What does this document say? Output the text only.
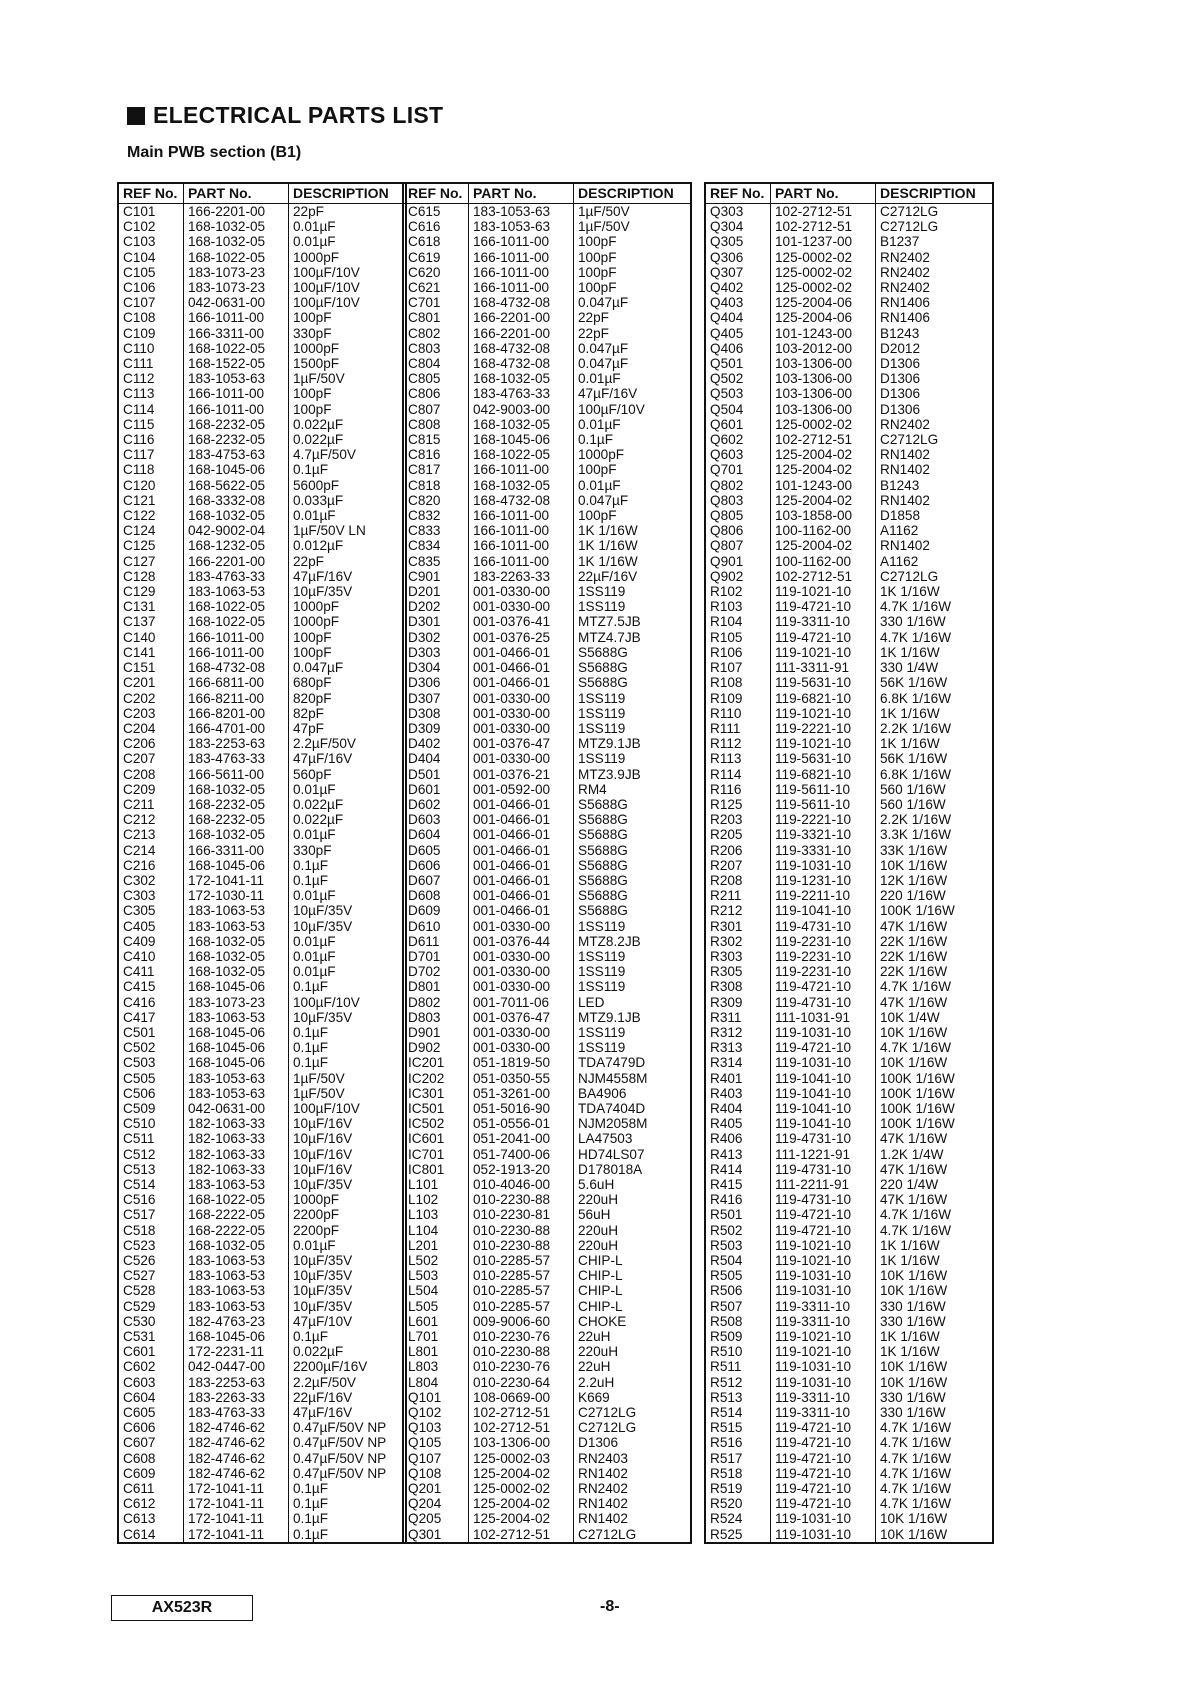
ELECTRICAL PARTS LIST
Main PWB section (B1)
REF No.	PART No.	DESCRIPTION
C101	166-2201-00	22pF
C102	168-1032-05	0.01µF
C103	168-1032-05	0.01µF
C104	168-1022-05	1000pF
C105	183-1073-23	100µF/10V
C106	183-1073-23	100µF/10V
C107	042-0631-00	100µF/10V
C108	166-1011-00	100pF
C109	166-3311-00	330pF
C110	168-1022-05	1000pF
C111	168-1522-05	1500pF
C112	183-1053-63	1µF/50V
C113	166-1011-00	100pF
C114	166-1011-00	100pF
C115	168-2232-05	0.022µF
C116	168-2232-05	0.022µF
C117	183-4753-63	4.7µF/50V
C118	168-1045-06	0.1µF
C120	168-5622-05	5600pF
C121	168-3332-08	0.033µF
C122	168-1032-05	0.01µF
C124	042-9002-04	1µF/50V LN
C125	168-1232-05	0.012µF
C127	166-2201-00	22pF
C128	183-4763-33	47µF/16V
C129	183-1063-53	10µF/35V
C131	168-1022-05	1000pF
C137	168-1022-05	1000pF
C140	166-1011-00	100pF
C141	166-1011-00	100pF
C151	168-4732-08	0.047µF
C201	166-6811-00	680pF
C202	166-8211-00	820pF
C203	166-8201-00	82pF
C204	166-4701-00	47pF
C206	183-2253-63	2.2µF/50V
C207	183-4763-33	47µF/16V
C208	166-5611-00	560pF
C209	168-1032-05	0.01µF
C211	168-2232-05	0.022µF
C212	168-2232-05	0.022µF
C213	168-1032-05	0.01µF
C214	166-3311-00	330pF
C216	168-1045-06	0.1µF
C302	172-1041-11	0.1µF
C303	172-1030-11	0.01µF
C305	183-1063-53	10µF/35V
C405	183-1063-53	10µF/35V
C409	168-1032-05	0.01µF
C410	168-1032-05	0.01µF
C411	168-1032-05	0.01µF
C415	168-1045-06	0.1µF
C416	183-1073-23	100µF/10V
C417	183-1063-53	10µF/35V
C501	168-1045-06	0.1µF
C502	168-1045-06	0.1µF
C503	168-1045-06	0.1µF
C505	183-1053-63	1µF/50V
C506	183-1053-63	1µF/50V
C509	042-0631-00	100µF/10V
C510	182-1063-33	10µF/16V
C511	182-1063-33	10µF/16V
C512	182-1063-33	10µF/16V
C513	182-1063-33	10µF/16V
C514	183-1063-53	10µF/35V
C516	168-1022-05	1000pF
C517	168-2222-05	2200pF
C518	168-2222-05	2200pF
C523	168-1032-05	0.01µF
C526	183-1063-53	10µF/35V
C527	183-1063-53	10µF/35V
C528	183-1063-53	10µF/35V
C529	183-1063-53	10µF/35V
C530	182-4763-23	47µF/10V
C531	168-1045-06	0.1µF
C601	172-2231-11	0.022µF
C602	042-0447-00	2200µF/16V
C603	183-2253-63	2.2µF/50V
C604	183-2263-33	22µF/16V
C605	183-4763-33	47µF/16V
C606	182-4746-62	0.47µF/50V NP
C607	182-4746-62	0.47µF/50V NP
C608	182-4746-62	0.47µF/50V NP
C609	182-4746-62	0.47µF/50V NP
C611	172-1041-11	0.1µF
C612	172-1041-11	0.1µF
C613	172-1041-11	0.1µF
C614	172-1041-11	0.1µF
REF No.	PART No.	DESCRIPTION
C615	183-1053-63	1µF/50V
C616	183-1053-63	1µF/50V
C618	166-1011-00	100pF
C619	166-1011-00	100pF
C620	166-1011-00	100pF
C621	166-1011-00	100pF
C701	168-4732-08	0.047µF
C801	166-2201-00	22pF
C802	166-2201-00	22pF
C803	168-4732-08	0.047µF
C804	168-4732-08	0.047µF
C805	168-1032-05	0.01µF
C806	183-4763-33	47µF/16V
C807	042-9003-00	100µF/10V
C808	168-1032-05	0.01µF
C815	168-1045-06	0.1µF
C816	168-1022-05	1000pF
C817	166-1011-00	100pF
C818	168-1032-05	0.01µF
C820	168-4732-08	0.047µF
C832	166-1011-00	100pF
C833	166-1011-00	1K 1/16W
C834	166-1011-00	1K 1/16W
C835	166-1011-00	1K 1/16W
C901	183-2263-33	22µF/16V
D201	001-0330-00	1SS119
D202	001-0330-00	1SS119
D301	001-0376-41	MTZ7.5JB
D302	001-0376-25	MTZ4.7JB
D303	001-0466-01	S5688G
D304	001-0466-01	S5688G
D306	001-0466-01	S5688G
D307	001-0330-00	1SS119
D308	001-0330-00	1SS119
D309	001-0330-00	1SS119
D402	001-0376-47	MTZ9.1JB
D404	001-0330-00	1SS119
D501	001-0376-21	MTZ3.9JB
D601	001-0592-00	RM4
D602	001-0466-01	S5688G
D603	001-0466-01	S5688G
D604	001-0466-01	S5688G
D605	001-0466-01	S5688G
D606	001-0466-01	S5688G
D607	001-0466-01	S5688G
D608	001-0466-01	S5688G
D609	001-0466-01	S5688G
D610	001-0330-00	1SS119
D611	001-0376-44	MTZ8.2JB
D701	001-0330-00	1SS119
D702	001-0330-00	1SS119
D801	001-0330-00	1SS119
D802	001-7011-06	LED
D803	001-0376-47	MTZ9.1JB
D901	001-0330-00	1SS119
D902	001-0330-00	1SS119
IC201	051-1819-50	TDA7479D
IC202	051-0350-55	NJM4558M
IC301	051-3261-00	BA4906
IC501	051-5016-90	TDA7404D
IC502	051-0556-01	NJM2058M
IC601	051-2041-00	LA47503
IC701	051-7400-06	HD74LS07
IC801	052-1913-20	D178018A
L101	010-4046-00	5.6uH
L102	010-2230-88	220uH
L103	010-2230-81	56uH
L104	010-2230-88	220uH
L201	010-2230-88	220uH
L502	010-2285-57	CHIP-L
L503	010-2285-57	CHIP-L
L504	010-2285-57	CHIP-L
L505	010-2285-57	CHIP-L
L601	009-9006-60	CHOKE
L701	010-2230-76	22uH
L801	010-2230-88	220uH
L803	010-2230-76	22uH
L804	010-2230-64	2.2uH
Q101	108-0669-00	K669
Q102	102-2712-51	C2712LG
Q103	102-2712-51	C2712LG
Q105	103-1306-00	D1306
Q107	125-0002-03	RN2403
Q108	125-2004-02	RN1402
Q201	125-0002-02	RN2402
Q204	125-2004-02	RN1402
Q205	125-2004-02	RN1402
Q301	102-2712-51	C2712LG
REF No.	PART No.	DESCRIPTION
Q303	102-2712-51	C2712LG
Q304	102-2712-51	C2712LG
Q305	101-1237-00	B1237
Q306	125-0002-02	RN2402
Q307	125-0002-02	RN2402
Q402	125-0002-02	RN2402
Q403	125-2004-06	RN1406
Q404	125-2004-06	RN1406
Q405	101-1243-00	B1243
Q406	103-2012-00	D2012
Q501	103-1306-00	D1306
Q502	103-1306-00	D1306
Q503	103-1306-00	D1306
Q504	103-1306-00	D1306
Q601	125-0002-02	RN2402
Q602	102-2712-51	C2712LG
Q603	125-2004-02	RN1402
Q701	125-2004-02	RN1402
Q802	101-1243-00	B1243
Q803	125-2004-02	RN1402
Q805	103-1858-00	D1858
Q806	100-1162-00	A1162
Q807	125-2004-02	RN1402
Q901	100-1162-00	A1162
Q902	102-2712-51	C2712LG
R102	119-1021-10	1K 1/16W
R103	119-4721-10	4.7K 1/16W
R104	119-3311-10	330 1/16W
R105	119-4721-10	4.7K 1/16W
R106	119-1021-10	1K 1/16W
R107	111-3311-91	330 1/4W
R108	119-5631-10	56K 1/16W
R109	119-6821-10	6.8K 1/16W
R110	119-1021-10	1K 1/16W
R111	119-2221-10	2.2K 1/16W
R112	119-1021-10	1K 1/16W
R113	119-5631-10	56K 1/16W
R114	119-6821-10	6.8K 1/16W
R116	119-5611-10	560 1/16W
R125	119-5611-10	560 1/16W
R203	119-2221-10	2.2K 1/16W
R205	119-3321-10	3.3K 1/16W
R206	119-3331-10	33K 1/16W
R207	119-1031-10	10K 1/16W
R208	119-1231-10	12K 1/16W
R211	119-2211-10	220 1/16W
R212	119-1041-10	100K 1/16W
R301	119-4731-10	47K 1/16W
R302	119-2231-10	22K 1/16W
R303	119-2231-10	22K 1/16W
R305	119-2231-10	22K 1/16W
R308	119-4721-10	4.7K 1/16W
R309	119-4731-10	47K 1/16W
R311	111-1031-91	10K 1/4W
R312	119-1031-10	10K 1/16W
R313	119-4721-10	4.7K 1/16W
R314	119-1031-10	10K 1/16W
R401	119-1041-10	100K 1/16W
R403	119-1041-10	100K 1/16W
R404	119-1041-10	100K 1/16W
R405	119-1041-10	100K 1/16W
R406	119-4731-10	47K 1/16W
R413	111-1221-91	1.2K 1/4W
R414	119-4731-10	47K 1/16W
R415	111-2211-91	220 1/4W
R416	119-4731-10	47K 1/16W
R501	119-4721-10	4.7K 1/16W
R502	119-4721-10	4.7K 1/16W
R503	119-1021-10	1K 1/16W
R504	119-1021-10	1K 1/16W
R505	119-1031-10	10K 1/16W
R506	119-1031-10	10K 1/16W
R507	119-3311-10	330 1/16W
R508	119-3311-10	330 1/16W
R509	119-1021-10	1K 1/16W
R510	119-1021-10	1K 1/16W
R511	119-1031-10	10K 1/16W
R512	119-1031-10	10K 1/16W
R513	119-3311-10	330 1/16W
R514	119-3311-10	330 1/16W
R515	119-4721-10	4.7K 1/16W
R516	119-4721-10	4.7K 1/16W
R517	119-4721-10	4.7K 1/16W
R518	119-4721-10	4.7K 1/16W
R519	119-4721-10	4.7K 1/16W
R520	119-4721-10	4.7K 1/16W
R524	119-1031-10	10K 1/16W
R525	119-1031-10	10K 1/16W
AX523R	-8-
